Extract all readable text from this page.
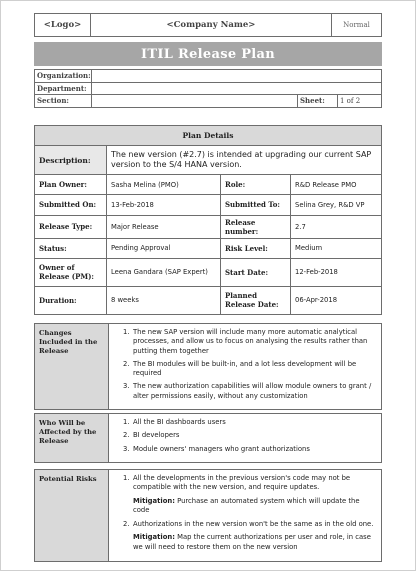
<Logo>	<Company Name>	Normal
ITIL Release Plan
Organization:			
Department:			
Section:		Sheet:	1 of 2
Plan Details			
Description:	The new version (#2.7) is intended at upgrading our current SAP version to the S/4 HANA version.		
Plan Owner:	Sasha Melina (PMO)	Role:	R&D Release PMO
Submitted On:	13-Feb-2018	Submitted To:	Selina Grey, R&D VP
Release Type:	Major Release	Release number:	2.7
Status:	Pending Approval	Risk Level:	Medium
Owner of Release (PM):	Leena Gandara (SAP Expert)	Start Date:	12-Feb-2018
Duration:	8 weeks	Planned Release Date:	06-Apr-2018
Changes Included in the Release	
1. The new SAP version will include many more automatic analytical processes, and allow us to focus on analysing the results rather than putting them together
2. The BI modules will be built-in, and a lot less development will be required
3. The new authorization capabilities will allow module owners to grant / alter permissions easily, without any customization
Who Will be Affected by the Release	
1. All the BI dashboards users
2. BI developers
3. Module owners' managers who grant authorizations
Potential Risks	1. All the developments in the previous version's code may not be compatible with the new version, and require updates.
Mitigation: Purchase an automated system which will update the code
2. Authorizations in the new version won't be the same as in the old one.
Mitigation: Map the current authorizations per user and role, in case we will need to restore them on the new version
